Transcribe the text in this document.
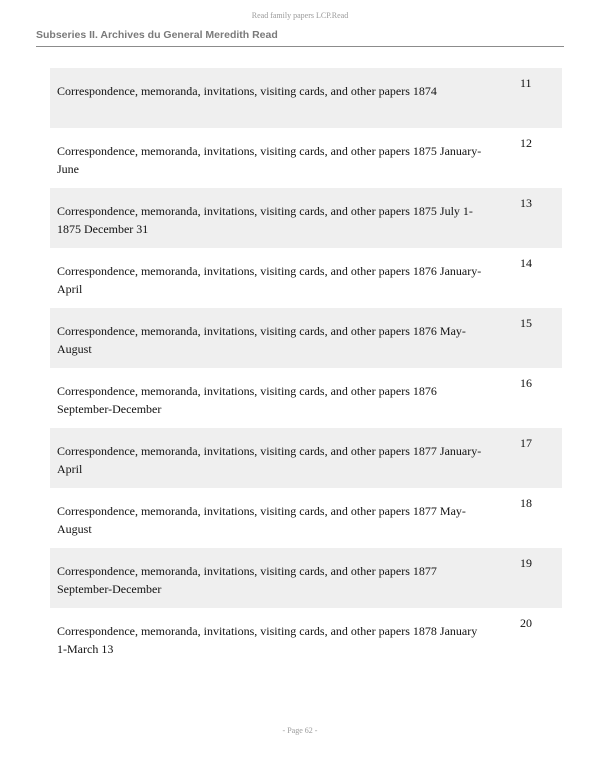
Read family papers LCP.Read
Subseries II. Archives du General Meredith Read
Correspondence, memoranda, invitations, visiting cards, and other papers 1874
11
Correspondence, memoranda, invitations, visiting cards, and other papers 1875 January-June
12
Correspondence, memoranda, invitations, visiting cards, and other papers 1875 July 1-1875 December 31
13
Correspondence, memoranda, invitations, visiting cards, and other papers 1876 January-April
14
Correspondence, memoranda, invitations, visiting cards, and other papers 1876 May-August
15
Correspondence, memoranda, invitations, visiting cards, and other papers 1876 September-December
16
Correspondence, memoranda, invitations, visiting cards, and other papers 1877 January-April
17
Correspondence, memoranda, invitations, visiting cards, and other papers 1877 May-August
18
Correspondence, memoranda, invitations, visiting cards, and other papers 1877 September-December
19
Correspondence, memoranda, invitations, visiting cards, and other papers 1878 January 1-March 13
20
- Page 62 -
